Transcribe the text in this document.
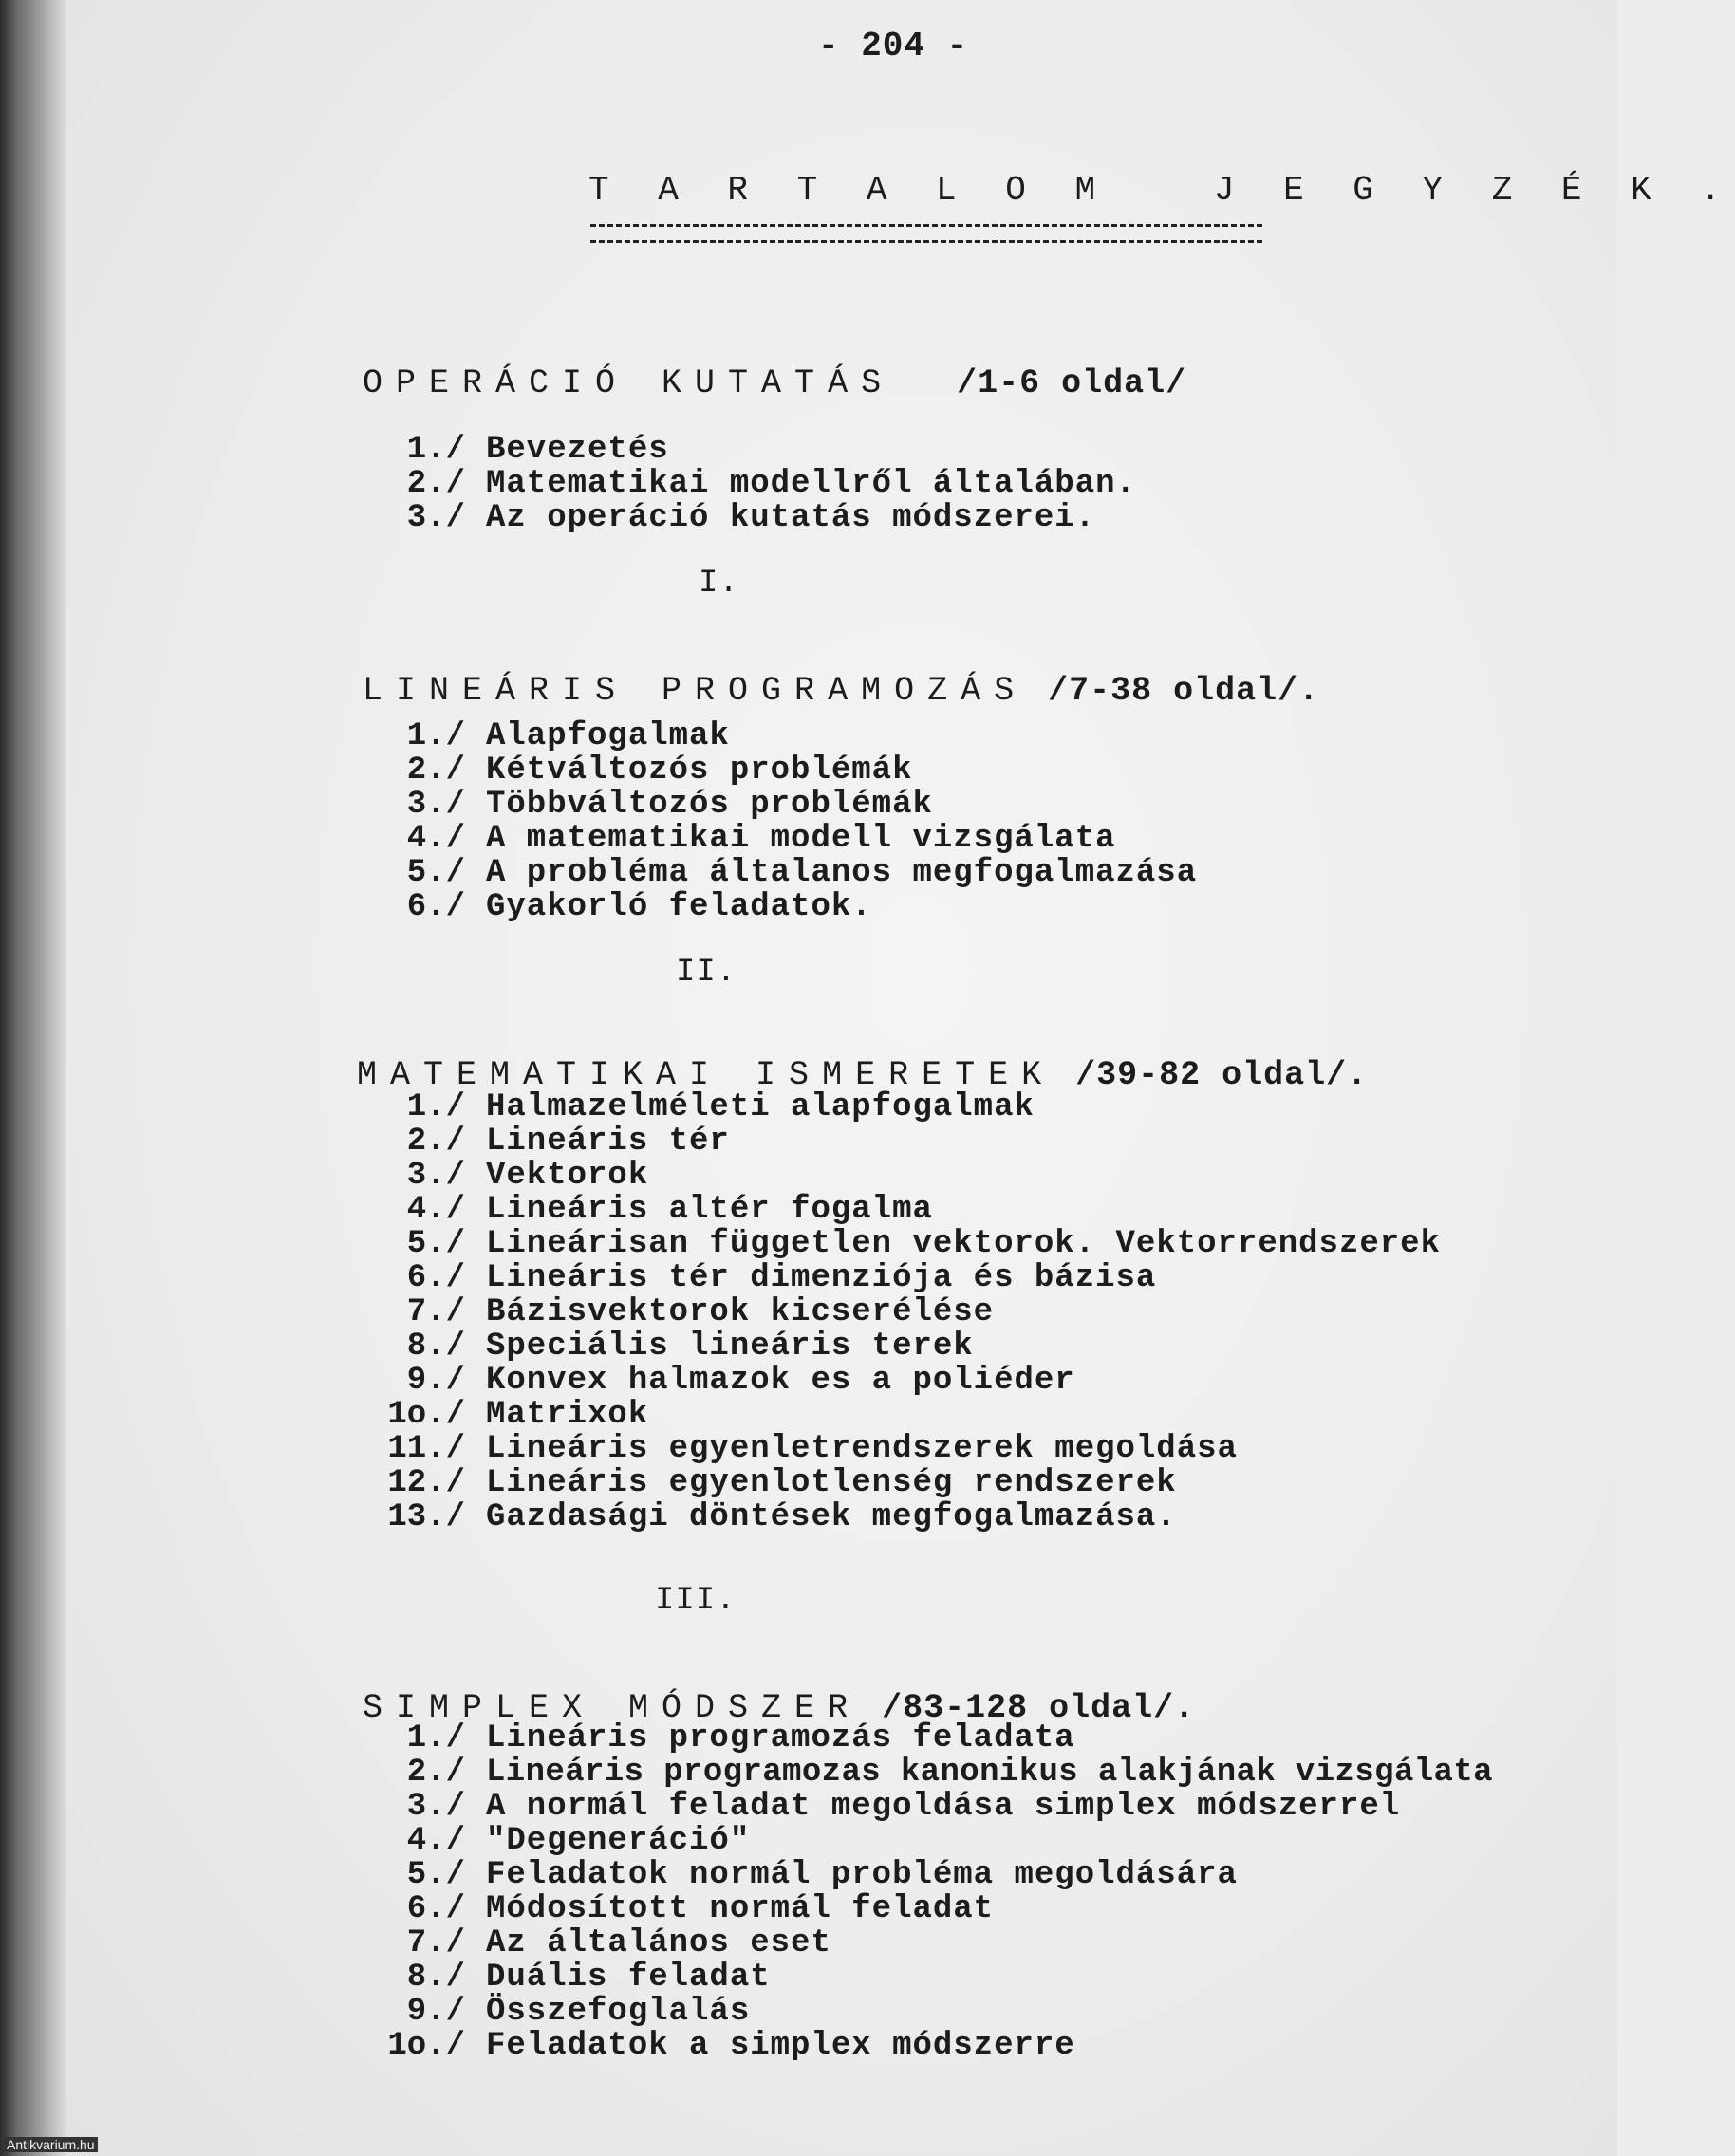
- 204 -
T A R T A L O M   J E G Y Z É K .

OPERÁCIÓ KUTATÁS /1-6 oldal/

1./ Bevezetés
2./ Matematikai modellről általában.
3./ Az operáció kutatás módszerei.
I.

LINEÁRIS PROGRAMOZÁS /7-38 oldal/.

1./ Alapfogalmak
2./ Kétváltozós problémák
3./ Többváltozós problémák
4./ A matematikai modell vizsgálata
5./ A probléma általanos megfogalmazása
6./ Gyakorló feladatok.
II.

MATEMATIKAI ISMERETEK /39-82 oldal/.

1./ Halmazelméleti alapfogalmak
2./ Lineáris tér
3./ Vektorok
4./ Lineáris altér fogalma
5./ Lineárisan független vektorok. Vektorrendszerek
6./ Lineáris tér dimenziója és bázisa
7./ Bázisvektorok kicserélése
8./ Speciális lineáris terek
9./ Konvex halmazok es a poliéder
1o./ Matrixok
11./ Lineáris egyenletrendszerek megoldása
12./ Lineáris egyenlotlenség rendszerek
13./ Gazdasági döntések megfogalmazása.
III.

SIMPLEX MÓDSZER /83-128 oldal/.

1./ Lineáris programozás feladata
2./ Lineáris programozas kanonikus alakjának vizsgálata
3./ A normál feladat megoldása simplex módszerrel
4./ "Degeneráció"
5./ Feladatok normál probléma megoldására
6./ Módosított normál feladat
7./ Az általános eset
8./ Duális feladat
9./ Összefoglalás
1o./ Feladatok a simplex módszerre
Antikvarium.hu
